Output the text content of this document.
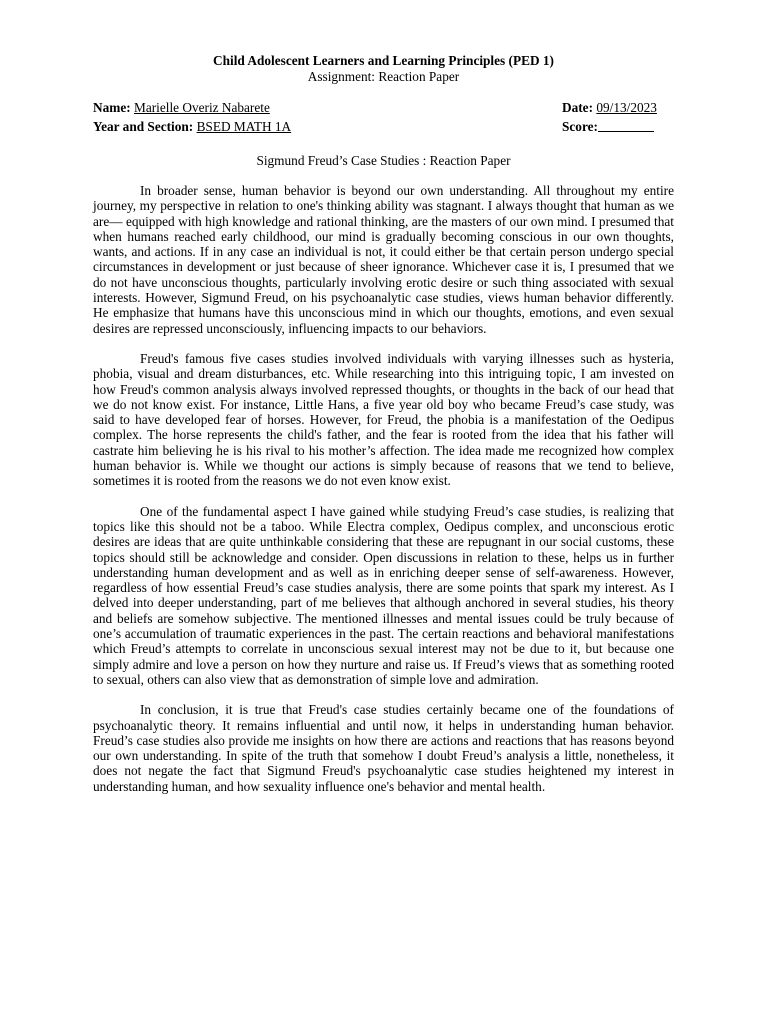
Child Adolescent Learners and Learning Principles (PED 1)
Assignment: Reaction Paper
Name: Marielle Overiz Nabarete	Date: 09/13/2023
Year and Section: BSED MATH 1A	Score:
Sigmund Freud’s Case Studies : Reaction Paper

In broader sense, human behavior is beyond our own understanding. All throughout my entire journey, my perspective in relation to one's thinking ability was stagnant. I always thought that human as we are— equipped with high knowledge and rational thinking, are the masters of our own mind. I presumed that when humans reached early childhood, our mind is gradually becoming conscious in our own thoughts, wants, and actions. If in any case an individual is not, it could either be that certain person undergo special circumstances in development or just because of sheer ignorance. Whichever case it is, I presumed that we do not have unconscious thoughts, particularly involving erotic desire or such thing associated with sexual interests. However, Sigmund Freud, on his psychoanalytic case studies, views human behavior differently. He emphasize that humans have this unconscious mind in which our thoughts, emotions, and even sexual desires are repressed unconsciously, influencing impacts to our behaviors.

Freud's famous five cases studies involved individuals with varying illnesses such as hysteria, phobia, visual and dream disturbances, etc. While researching into this intriguing topic, I am invested on how Freud's common analysis always involved repressed thoughts, or thoughts in the back of our head that we do not know exist. For instance, Little Hans, a five year old boy who became Freud’s case study, was said to have developed fear of horses. However, for Freud, the phobia is a manifestation of the Oedipus complex. The horse represents the child's father, and the fear is rooted from the idea that his father will castrate him believing he is his rival to his mother’s affection. The idea made me recognized how complex human behavior is. While we thought our actions is simply because of reasons that we tend to believe, sometimes it is rooted from the reasons we do not even know exist.

One of the fundamental aspect I have gained while studying Freud’s case studies, is realizing that topics like this should not be a taboo. While Electra complex, Oedipus complex, and unconscious erotic desires are ideas that are quite unthinkable considering that these are repugnant in our social customs, these topics should still be acknowledge and consider. Open discussions in relation to these, helps us in further understanding human development and as well as in enriching deeper sense of self-awareness. However, regardless of how essential Freud’s case studies analysis, there are some points that spark my interest. As I delved into deeper understanding, part of me believes that although anchored in several studies, his theory and beliefs are somehow subjective. The mentioned illnesses and mental issues could be truly because of one’s accumulation of traumatic experiences in the past. The certain reactions and behavioral manifestations which Freud’s attempts to correlate in unconscious sexual interest may not be due to it, but because one simply admire and love a person on how they nurture and raise us. If Freud’s views that as something rooted to sexual, others can also view that as demonstration of simple love and admiration.

In conclusion, it is true that Freud's case studies certainly became one of the foundations of psychoanalytic theory. It remains influential and until now, it helps in understanding human behavior. Freud’s case studies also provide me insights on how there are actions and reactions that has reasons beyond our own understanding. In spite of the truth that somehow I doubt Freud’s analysis a little, nonetheless, it does not negate the fact that Sigmund Freud's psychoanalytic case studies heightened my interest in understanding human, and how sexuality influence one's behavior and mental health.
